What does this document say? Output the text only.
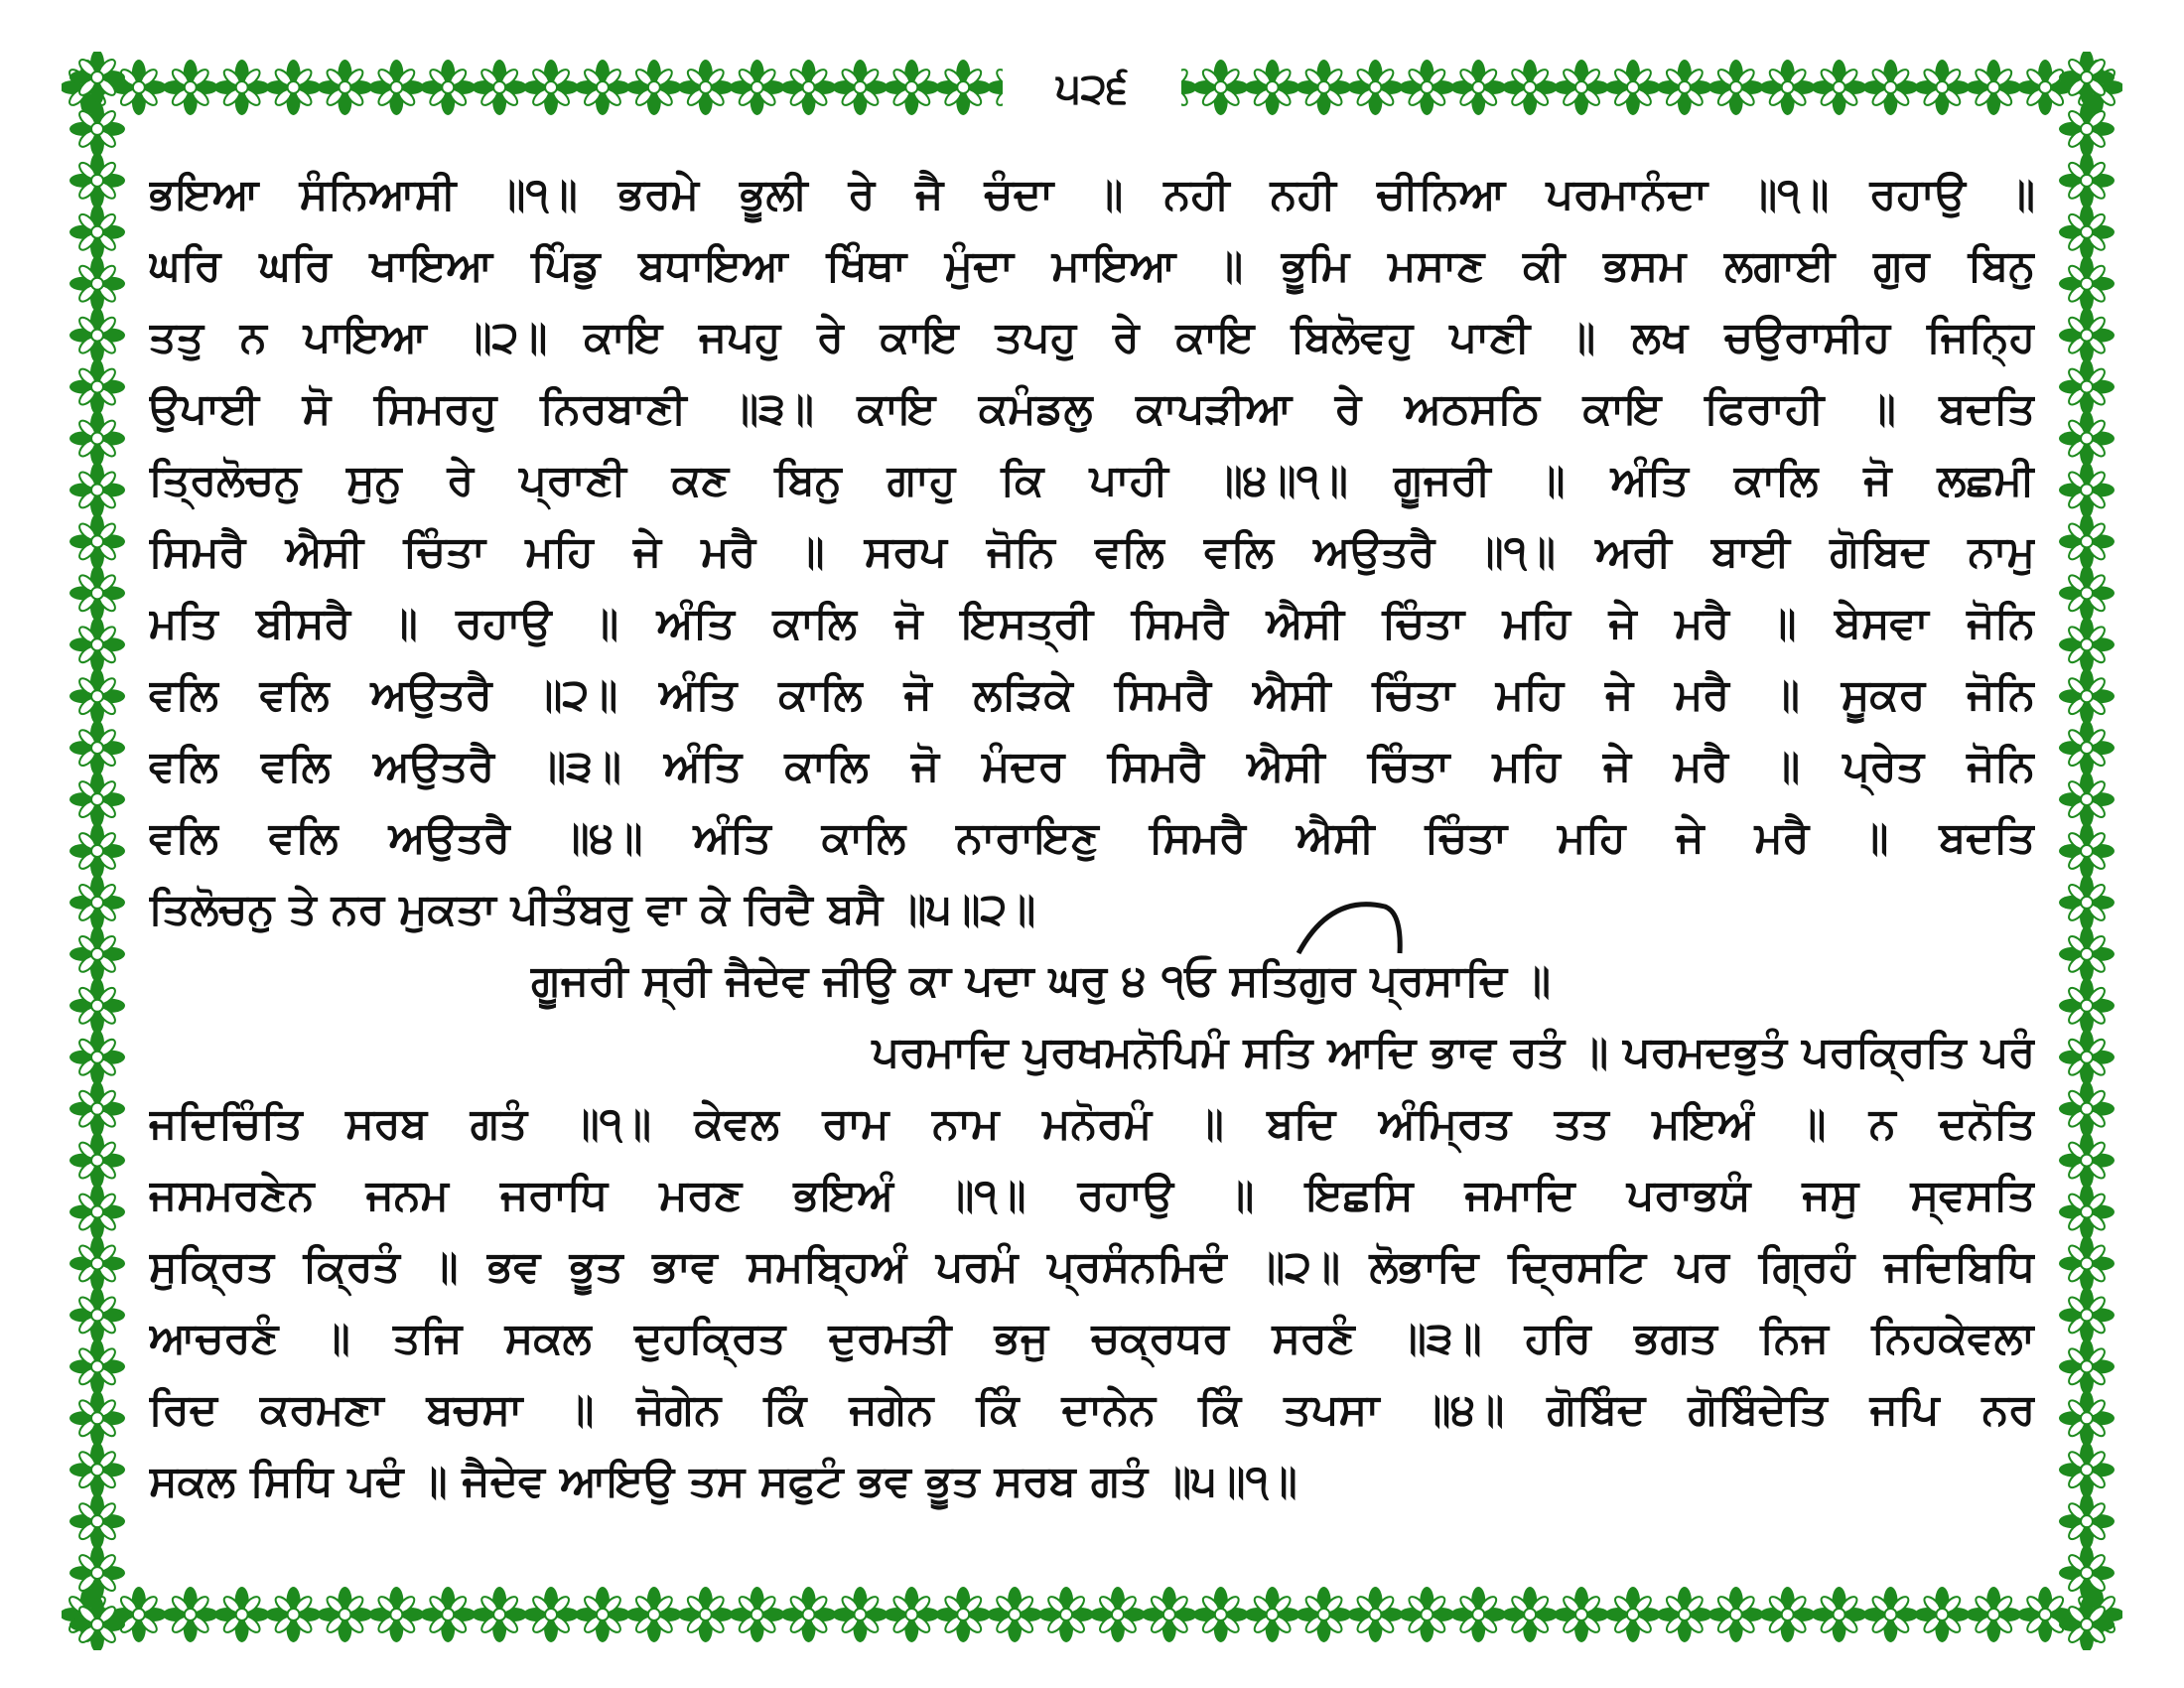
੫੨੬
ਭਇਆ ਸੰਨਿਆਸੀ ॥੧॥ ਭਰਮੇ ਭੂਲੀ ਰੇ ਜੈ ਚੰਦਾ ॥ ਨਹੀ ਨਹੀ ਚੀਨਿਆ ਪਰਮਾਨੰਦਾ ॥੧॥ ਰਹਾਉ ॥
ਘਰਿ ਘਰਿ ਖਾਇਆ ਪਿੰਡੁ ਬਧਾਇਆ ਖਿੰਥਾ ਮੁੰਦਾ ਮਾਇਆ ॥ ਭੂਮਿ ਮਸਾਣ ਕੀ ਭਸਮ ਲਗਾਈ ਗੁਰ ਬਿਨੁ
ਤਤੁ ਨ ਪਾਇਆ ॥੨॥ ਕਾਇ ਜਪਹੁ ਰੇ ਕਾਇ ਤਪਹੁ ਰੇ ਕਾਇ ਬਿਲੋਵਹੁ ਪਾਣੀ ॥ ਲਖ ਚਉਰਾਸੀਹ ਜਿਨ੍ਹਿ
ਉਪਾਈ ਸੋ ਸਿਮਰਹੁ ਨਿਰਬਾਣੀ ॥੩॥ ਕਾਇ ਕਮੰਡਲੁ ਕਾਪੜੀਆ ਰੇ ਅਠਸਠਿ ਕਾਇ ਫਿਰਾਹੀ ॥ ਬਦਤਿ
ਤ੍ਰਿਲੋਚਨੁ ਸੁਨੁ ਰੇ ਪ੍ਰਾਣੀ ਕਣ ਬਿਨੁ ਗਾਹੁ ਕਿ ਪਾਹੀ ॥੪॥੧॥ ਗੂਜਰੀ ॥ ਅੰਤਿ ਕਾਲਿ ਜੋ ਲਛਮੀ
ਸਿਮਰੈ ਐਸੀ ਚਿੰਤਾ ਮਹਿ ਜੇ ਮਰੈ ॥ ਸਰਪ ਜੋਨਿ ਵਲਿ ਵਲਿ ਅਉਤਰੈ ॥੧॥ ਅਰੀ ਬਾਈ ਗੋਬਿਦ ਨਾਮੁ
ਮਤਿ ਬੀਸਰੈ ॥ ਰਹਾਉ ॥ ਅੰਤਿ ਕਾਲਿ ਜੋ ਇਸਤ੍ਰੀ ਸਿਮਰੈ ਐਸੀ ਚਿੰਤਾ ਮਹਿ ਜੇ ਮਰੈ ॥ ਬੇਸਵਾ ਜੋਨਿ
ਵਲਿ ਵਲਿ ਅਉਤਰੈ ॥੨॥ ਅੰਤਿ ਕਾਲਿ ਜੋ ਲੜਿਕੇ ਸਿਮਰੈ ਐਸੀ ਚਿੰਤਾ ਮਹਿ ਜੇ ਮਰੈ ॥ ਸੂਕਰ ਜੋਨਿ
ਵਲਿ ਵਲਿ ਅਉਤਰੈ ॥੩॥ ਅੰਤਿ ਕਾਲਿ ਜੋ ਮੰਦਰ ਸਿਮਰੈ ਐਸੀ ਚਿੰਤਾ ਮਹਿ ਜੇ ਮਰੈ ॥ ਪ੍ਰੇਤ ਜੋਨਿ
ਵਲਿ ਵਲਿ ਅਉਤਰੈ ॥੪॥ ਅੰਤਿ ਕਾਲਿ ਨਾਰਾਇਣੁ ਸਿਮਰੈ ਐਸੀ ਚਿੰਤਾ ਮਹਿ ਜੇ ਮਰੈ ॥ ਬਦਤਿ
ਤਿਲੋਚਨੁ ਤੇ ਨਰ ਮੁਕਤਾ ਪੀਤੰਬਰੁ ਵਾ ਕੇ ਰਿਦੈ ਬਸੈ ॥੫॥੨॥
ਗੂਜਰੀ ਸ੍ਰੀ ਜੈਦੇਵ ਜੀਉ ਕਾ ਪਦਾ ਘਰੁ ੪ ੧ਓ ਸਤਿਗੁਰ ਪ੍ਰਸਾਦਿ ॥
ਪਰਮਾਦਿ ਪੁਰਖਮਨੋਪਿਮੰ ਸਤਿ ਆਦਿ ਭਾਵ ਰਤੰ ॥ ਪਰਮਦਭੁਤੰ ਪਰਕ੍ਰਿਤਿ ਪਰੰ
ਜਦਿਚਿੰਤਿ ਸਰਬ ਗਤੰ ॥੧॥ ਕੇਵਲ ਰਾਮ ਨਾਮ ਮਨੋਰਮੰ ॥ ਬਦਿ ਅੰਮ੍ਰਿਤ ਤਤ ਮਇਅੰ ॥ ਨ ਦਨੋਤਿ
ਜਸਮਰਣੇਨ ਜਨਮ ਜਰਾਧਿ ਮਰਣ ਭਇਅੰ ॥੧॥ ਰਹਾਉ ॥ ਇਛਸਿ ਜਮਾਦਿ ਪਰਾਭਯੰ ਜਸੁ ਸ੍ਵਸਤਿ
ਸੁਕ੍ਰਿਤ ਕ੍ਰਿਤੰ ॥ ਭਵ ਭੂਤ ਭਾਵ ਸਮਬ੍ਹਿਅੰ ਪਰਮੰ ਪ੍ਰਸੰਨਮਿਦੰ ॥੨॥ ਲੋਭਾਦਿ ਦ੍ਰਿਸਟਿ ਪਰ ਗ੍ਰਿਹੰ ਜਦਿਬਿਧਿ
ਆਚਰਣੰ ॥ ਤਜਿ ਸਕਲ ਦੁਹਕ੍ਰਿਤ ਦੁਰਮਤੀ ਭਜੁ ਚਕ੍ਰਧਰ ਸਰਣੰ ॥੩॥ ਹਰਿ ਭਗਤ ਨਿਜ ਨਿਹਕੇਵਲਾ
ਰਿਦ ਕਰਮਣਾ ਬਚਸਾ ॥ ਜੋਗੇਨ ਕਿੰ ਜਗੇਨ ਕਿੰ ਦਾਨੇਨ ਕਿੰ ਤਪਸਾ ॥੪॥ ਗੋਬਿੰਦ ਗੋਬਿੰਦੇਤਿ ਜਪਿ ਨਰ
ਸਕਲ ਸਿਧਿ ਪਦੰ ॥ ਜੈਦੇਵ ਆਇਉ ਤਸ ਸਫੁਟੰ ਭਵ ਭੂਤ ਸਰਬ ਗਤੰ ॥੫॥੧॥
